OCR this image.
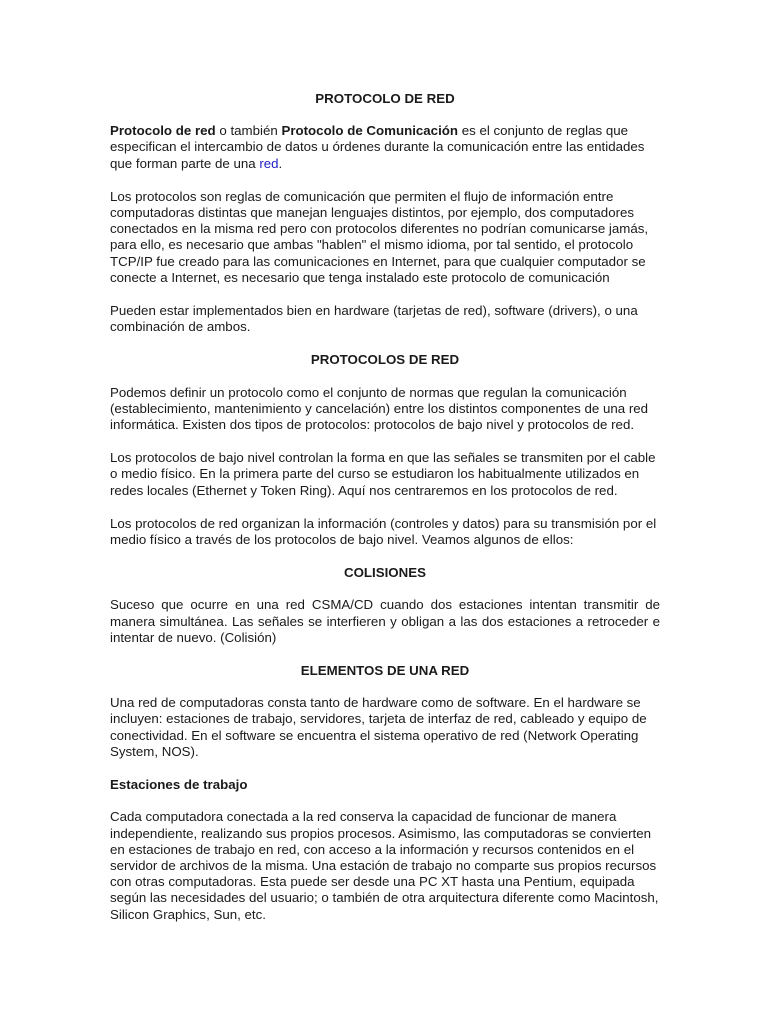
PROTOCOLO DE RED

Protocolo de red o también Protocolo de Comunicación es el conjunto de reglas que especifican el intercambio de datos u órdenes durante la comunicación entre las entidades que forman parte de una red.

Los protocolos son reglas de comunicación que permiten el flujo de información entre computadoras distintas que manejan lenguajes distintos, por ejemplo, dos computadores conectados en la misma red pero con protocolos diferentes no podrían comunicarse jamás, para ello, es necesario que ambas "hablen" el mismo idioma, por tal sentido, el protocolo TCP/IP fue creado para las comunicaciones en Internet, para que cualquier computador se conecte a Internet, es necesario que tenga instalado este protocolo de comunicación

Pueden estar implementados bien en hardware (tarjetas de red), software (drivers), o una combinación de ambos.

PROTOCOLOS DE RED

Podemos definir un protocolo como el conjunto de normas que regulan la comunicación (establecimiento, mantenimiento y cancelación) entre los distintos componentes de una red informática. Existen dos tipos de protocolos: protocolos de bajo nivel y protocolos de red.

Los protocolos de bajo nivel controlan la forma en que las señales se transmiten por el cable o medio físico. En la primera parte del curso se estudiaron los habitualmente utilizados en redes locales (Ethernet y Token Ring). Aquí nos centraremos en los protocolos de red.

Los protocolos de red organizan la información (controles y datos) para su transmisión por el medio físico a través de los protocolos de bajo nivel. Veamos algunos de ellos:

COLISIONES

Suceso que ocurre en una red CSMA/CD cuando dos estaciones intentan transmitir de manera simultánea. Las señales se interfieren y obligan a las dos estaciones a retroceder e intentar de nuevo. (Colisión)

ELEMENTOS DE UNA RED

Una red de computadoras consta tanto de hardware como de software. En el hardware se incluyen: estaciones de trabajo, servidores, tarjeta de interfaz de red, cableado y equipo de conectividad. En el software se encuentra el sistema operativo de red (Network Operating System, NOS).

Estaciones de trabajo

Cada computadora conectada a la red conserva la capacidad de funcionar de manera independiente, realizando sus propios procesos. Asimismo, las computadoras se convierten en estaciones de trabajo en red, con acceso a la información y recursos contenidos en el servidor de archivos de la misma. Una estación de trabajo no comparte sus propios recursos con otras computadoras. Esta puede ser desde una PC XT hasta una Pentium, equipada según las necesidades del usuario; o también de otra arquitectura diferente como Macintosh, Silicon Graphics, Sun, etc.
